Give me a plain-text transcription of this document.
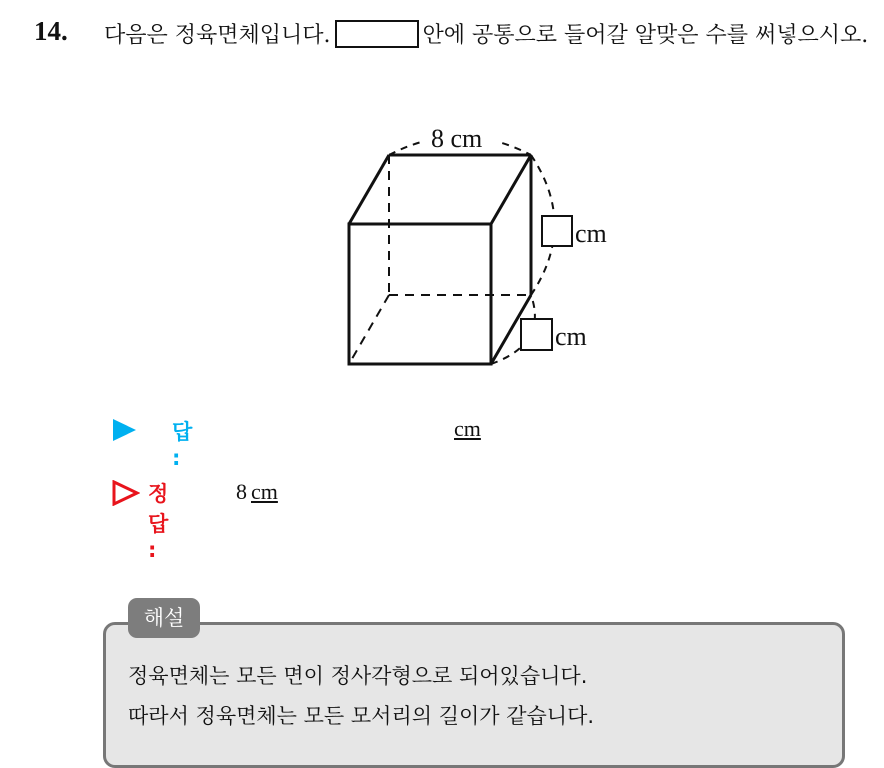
14. 다음은 정육면체입니다.	안에 공통으로 들어갈 알맞은 수를 써넣으시오.
8 cm
cm
cm
답 :
cm
정답 :
8 cm
해설
정육면체는 모든 면이 정사각형으로 되어있습니다.
따라서 정육면체는 모든 모서리의 길이가 같습니다.
